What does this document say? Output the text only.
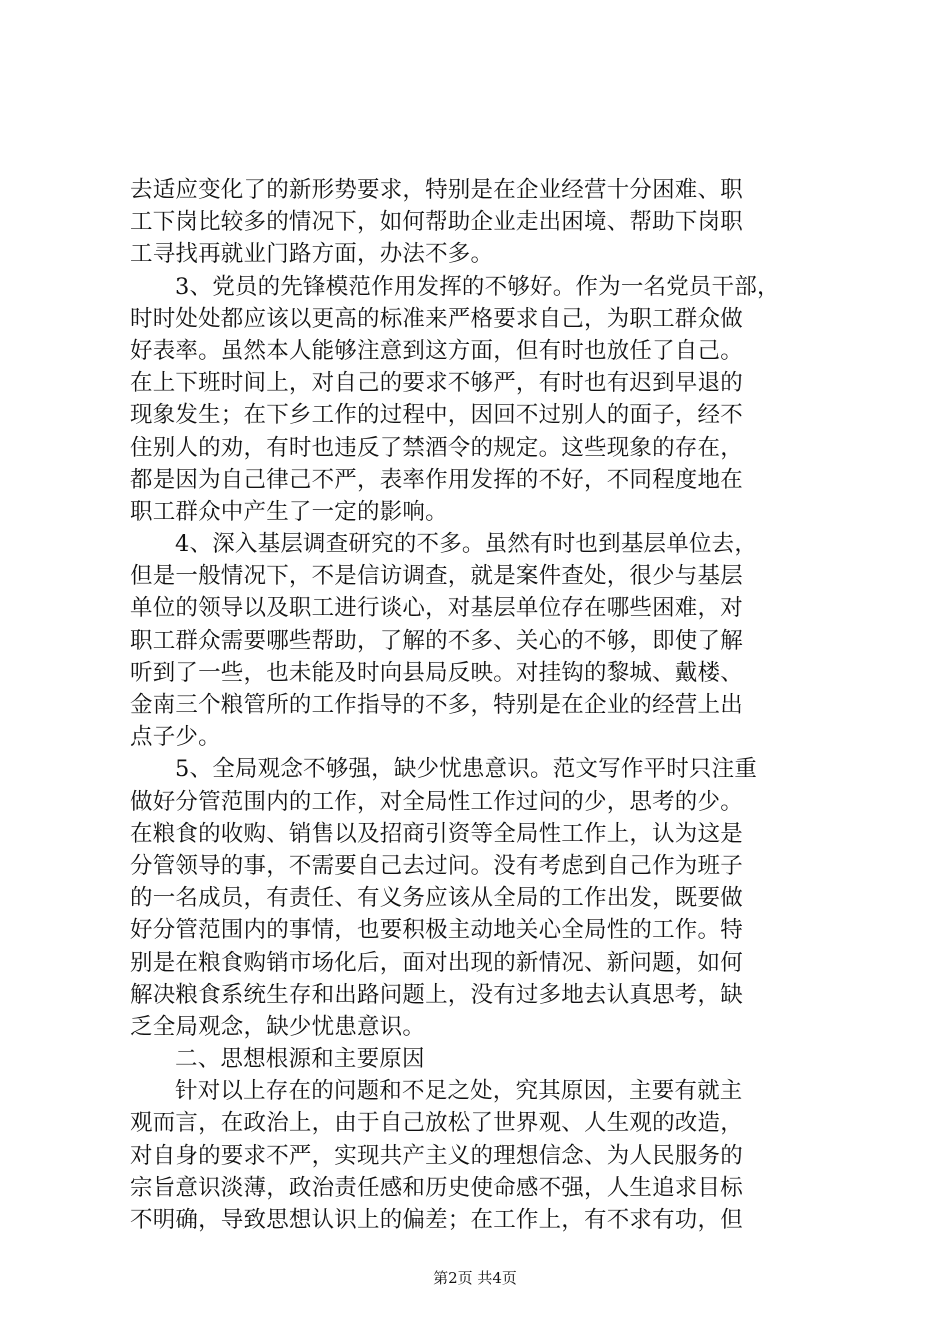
去适应变化了的新形势要求，特别是在企业经营十分困难、职
工下岗比较多的情况下，如何帮助企业走出困境、帮助下岗职
工寻找再就业门路方面，办法不多。
3、党员的先锋模范作用发挥的不够好。作为一名党员干部，
时时处处都应该以更高的标准来严格要求自己，为职工群众做
好表率。虽然本人能够注意到这方面，但有时也放任了自己。
在上下班时间上，对自己的要求不够严，有时也有迟到早退的
现象发生；在下乡工作的过程中，因回不过别人的面子，经不
住别人的劝，有时也违反了禁酒令的规定。这些现象的存在，
都是因为自己律己不严，表率作用发挥的不好，不同程度地在
职工群众中产生了一定的影响。
4、深入基层调查研究的不多。虽然有时也到基层单位去，
但是一般情况下，不是信访调查，就是案件查处，很少与基层
单位的领导以及职工进行谈心，对基层单位存在哪些困难，对
职工群众需要哪些帮助，了解的不多、关心的不够，即使了解
听到了一些，也未能及时向县局反映。对挂钩的黎城、戴楼、
金南三个粮管所的工作指导的不多，特别是在企业的经营上出
点子少。
5、全局观念不够强，缺少忧患意识。范文写作平时只注重
做好分管范围内的工作，对全局性工作过问的少，思考的少。
在粮食的收购、销售以及招商引资等全局性工作上，认为这是
分管领导的事，不需要自己去过问。没有考虑到自己作为班子
的一名成员，有责任、有义务应该从全局的工作出发，既要做
好分管范围内的事情，也要积极主动地关心全局性的工作。特
别是在粮食购销市场化后，面对出现的新情况、新问题，如何
解决粮食系统生存和出路问题上，没有过多地去认真思考，缺
乏全局观念，缺少忧患意识。
二、思想根源和主要原因
针对以上存在的问题和不足之处，究其原因，主要有就主
观而言，在政治上，由于自己放松了世界观、人生观的改造，
对自身的要求不严，实现共产主义的理想信念、为人民服务的
宗旨意识淡薄，政治责任感和历史使命感不强，人生追求目标
不明确，导致思想认识上的偏差；在工作上，有不求有功，但
第2页 共4页
